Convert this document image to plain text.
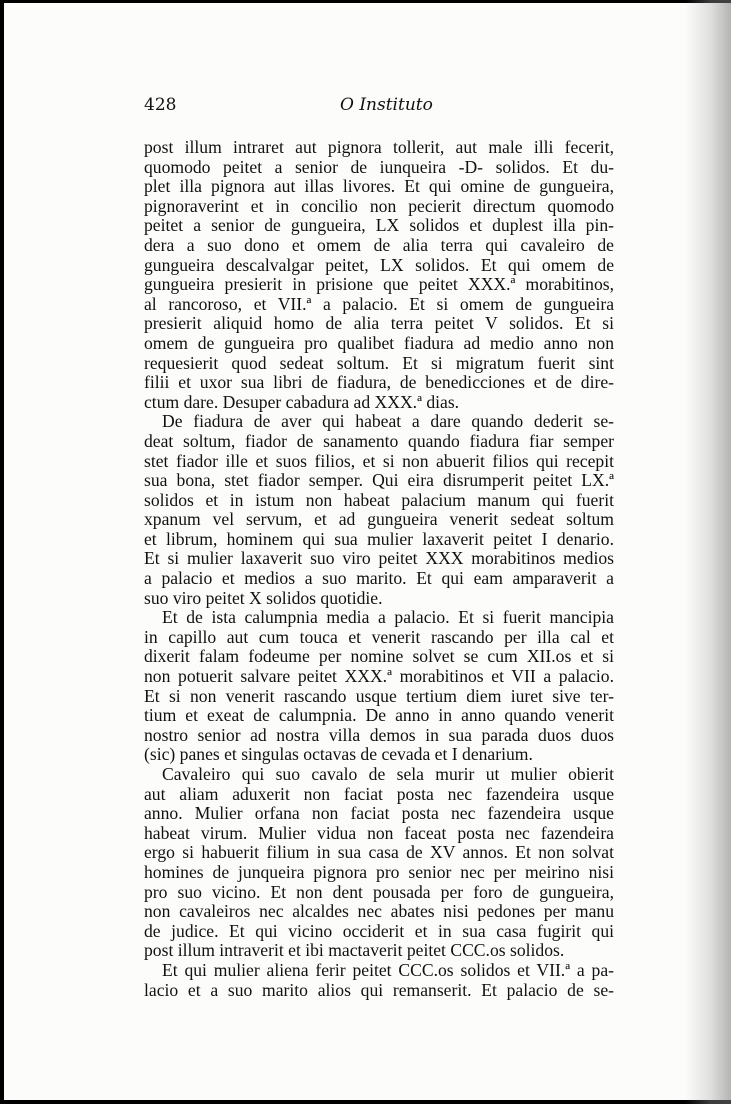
428	O Instituto
post illum intraret aut pignora tollerit, aut male illi fecerit,
quomodo peitet a senior de iunqueira -D- solidos. Et du-
plet illa pignora aut illas livores. Et qui omine de gungueira,
pignoraverint et in concilio non pecierit directum quomodo
peitet a senior de gungueira, LX solidos et duplest illa pin-
dera a suo dono et omem de alia terra qui cavaleiro de
gungueira descalvalgar peitet, LX solidos. Et qui omem de
gungueira presierit in prisione que peitet XXX.ª morabitinos,
al rancoroso, et VII.ª a palacio. Et si omem de gungueira
presierit aliquid homo de alia terra peitet V solidos. Et si
omem de gungueira pro qualibet fiadura ad medio anno non
requesierit quod sedeat soltum. Et si migratum fuerit sint
filii et uxor sua libri de fiadura, de benedicciones et de dire-
ctum dare. Desuper cabadura ad XXX.ª dias.
De fiadura de aver qui habeat a dare quando dederit se-
deat soltum, fiador de sanamento quando fiadura fiar semper
stet fiador ille et suos filios, et si non abuerit filios qui recepit
sua bona, stet fiador semper. Qui eira disrumperit peitet LX.ª
solidos et in istum non habeat palacium manum qui fuerit
xpanum vel servum, et ad gungueira venerit sedeat soltum
et librum, hominem qui sua mulier laxaverit peitet I denario.
Et si mulier laxaverit suo viro peitet XXX morabitinos medios
a palacio et medios a suo marito. Et qui eam amparaverit a
suo viro peitet X solidos quotidie.
Et de ista calumpnia media a palacio. Et si fuerit mancipia
in capillo aut cum touca et venerit rascando per illa cal et
dixerit falam fodeume per nomine solvet se cum XII.os et si
non potuerit salvare peitet XXX.ª morabitinos et VII a palacio.
Et si non venerit rascando usque tertium diem iuret sive ter-
tium et exeat de calumpnia. De anno in anno quando venerit
nostro senior ad nostra villa demos in sua parada duos duos
(sic) panes et singulas octavas de cevada et I denarium.
Cavaleiro qui suo cavalo de sela murir ut mulier obierit
aut aliam aduxerit non faciat posta nec fazendeira usque
anno. Mulier orfana non faciat posta nec fazendeira usque
habeat virum. Mulier vidua non faceat posta nec fazendeira
ergo si habuerit filium in sua casa de XV annos. Et non solvat
homines de junqueira pignora pro senior nec per meirino nisi
pro suo vicino. Et non dent pousada per foro de gungueira,
non cavaleiros nec alcaldes nec abates nisi pedones per manu
de judice. Et qui vicino occiderit et in sua casa fugirit qui
post illum intraverit et ibi mactaverit peitet CCC.os solidos.
Et qui mulier aliena ferir peitet CCC.os solidos et VII.ª a pa-
lacio et a suo marito alios qui remanserit. Et palacio de se-
